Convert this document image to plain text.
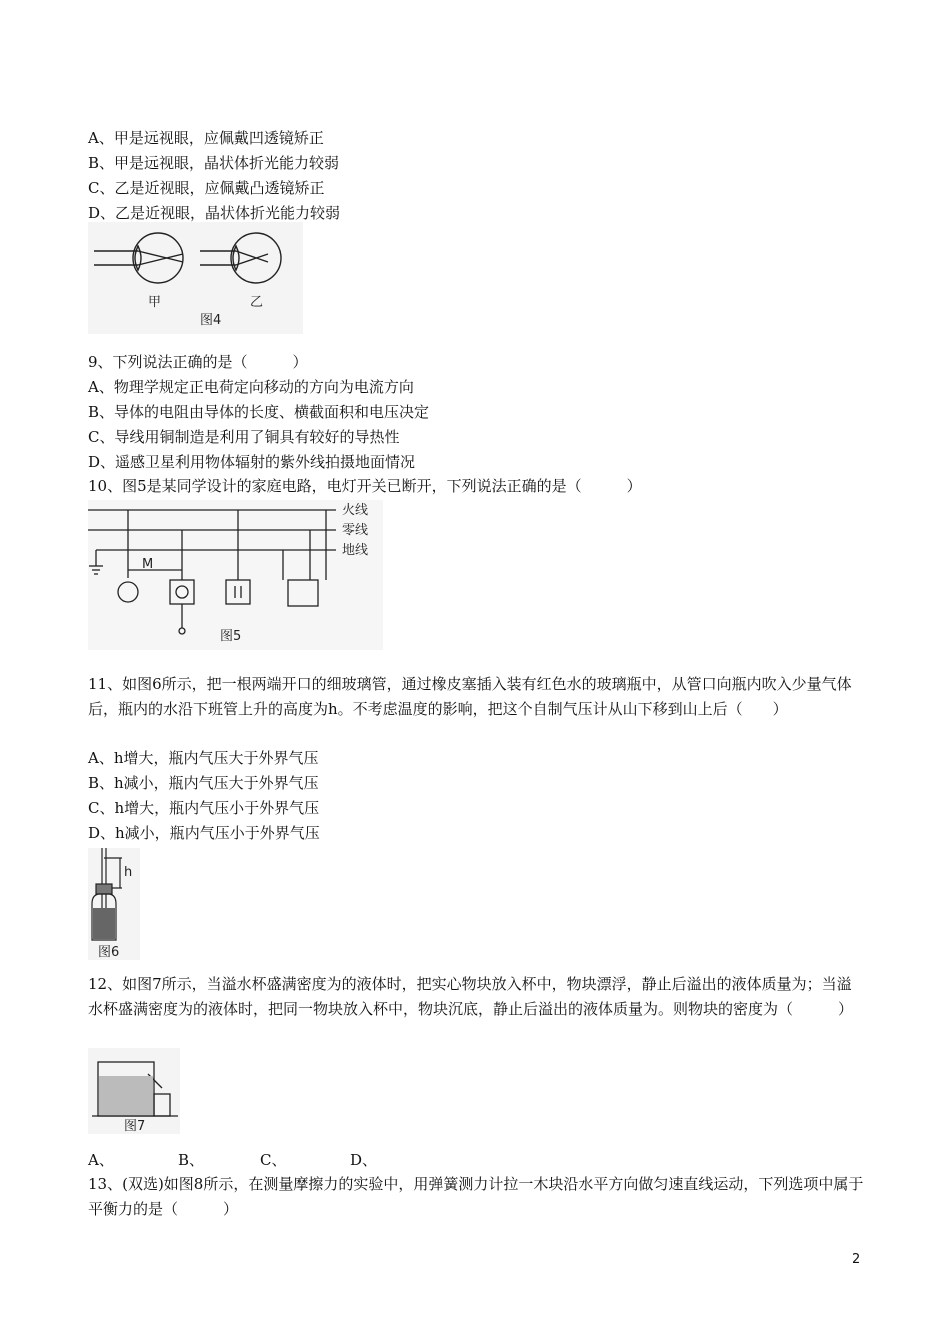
A、甲是远视眼，应佩戴凹透镜矫正
B、甲是远视眼，晶状体折光能力较弱
C、乙是近视眼，应佩戴凸透镜矫正
D、乙是近视眼，晶状体折光能力较弱
甲	乙
图4
9、下列说法正确的是（　　　）
A、物理学规定正电荷定向移动的方向为电流方向
B、导体的电阻由导体的长度、横截面积和电压决定
C、导线用铜制造是利用了铜具有较好的导热性
D、遥感卫星利用物体辐射的紫外线拍摄地面情况
10、图5是某同学设计的家庭电路，电灯开关已断开，下列说法正确的是（　　　）
M
火线
零线
地线
图5
11、如图6所示，把一根两端开口的细玻璃管，通过橡皮塞插入装有红色水的玻璃瓶中，从管口向瓶内吹入少量气体后，瓶内的水沿下班管上升的高度为h。不考虑温度的影响，把这个自制气压计从山下移到山上后（　　）
A、h增大，瓶内气压大于外界气压
B、h减小，瓶内气压大于外界气压
C、h增大，瓶内气压小于外界气压
D、h减小，瓶内气压小于外界气压
h
图6
12、如图7所示，当溢水杯盛满密度为的液体时，把实心物块放入杯中，物块漂浮，静止后溢出的液体质量为；当溢水杯盛满密度为的液体时，把同一物块放入杯中，物块沉底，静止后溢出的液体质量为。则物块的密度为（　　　）
图7
A、	B、	C、	D、
13、(双选)如图8所示，在测量摩擦力的实验中，用弹簧测力计拉一木块沿水平方向做匀速直线运动，下列选项中属于平衡力的是（　　　）
2
